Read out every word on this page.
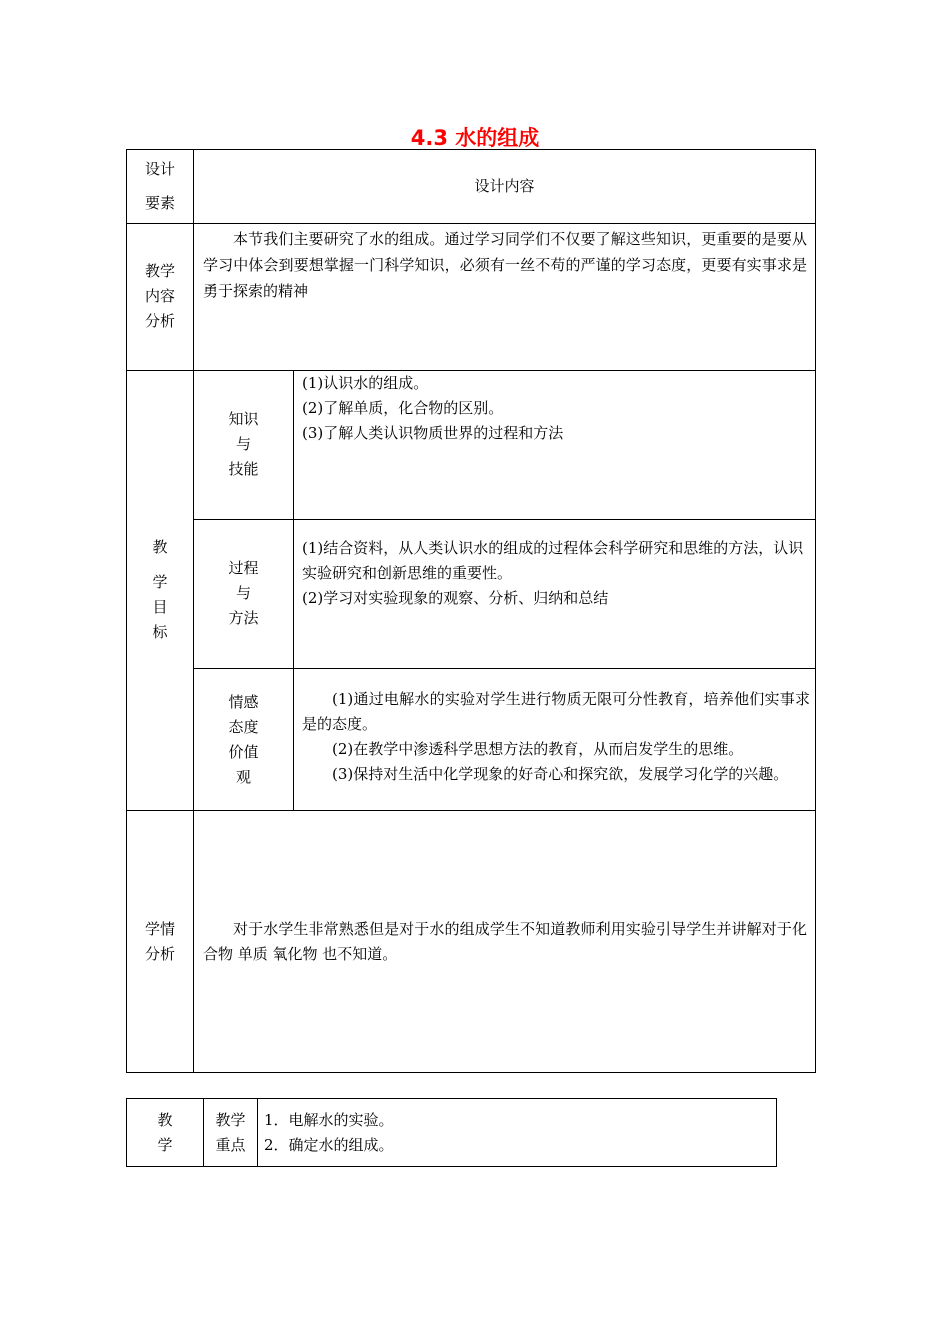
4.3 水的组成
设计
要素
设计内容
教学
内容
分析
本节我们主要研究了水的组成。通过学习同学们不仅要了解这些知识，更重要的是要从学习中体会到要想掌握一门科学知识，必须有一丝不苟的严谨的学习态度，更要有实事求是勇于探索的精神
教
学
目
标
知识
与
技能
(1)认识水的组成。
(2)了解单质，化合物的区别。
(3)了解人类认识物质世界的过程和方法
过程
与
方法
(1)结合资料，从人类认识水的组成的过程体会科学研究和思维的方法，认识实验研究和创新思维的重要性。
(2)学习对实验现象的观察、分析、归纳和总结
情感
态度
价值
观
(1)通过电解水的实验对学生进行物质无限可分性教育，培养他们实事求是的态度。
(2)在教学中渗透科学思想方法的教育，从而启发学生的思维。
(3)保持对生活中化学现象的好奇心和探究欲，发展学习化学的兴趣。
学情
分析
对于水学生非常熟悉但是对于水的组成学生不知道教师利用实验引导学生并讲解对于化合物 单质 氧化物 也不知道。
教
学
教学
重点
1．电解水的实验。
2．确定水的组成。
